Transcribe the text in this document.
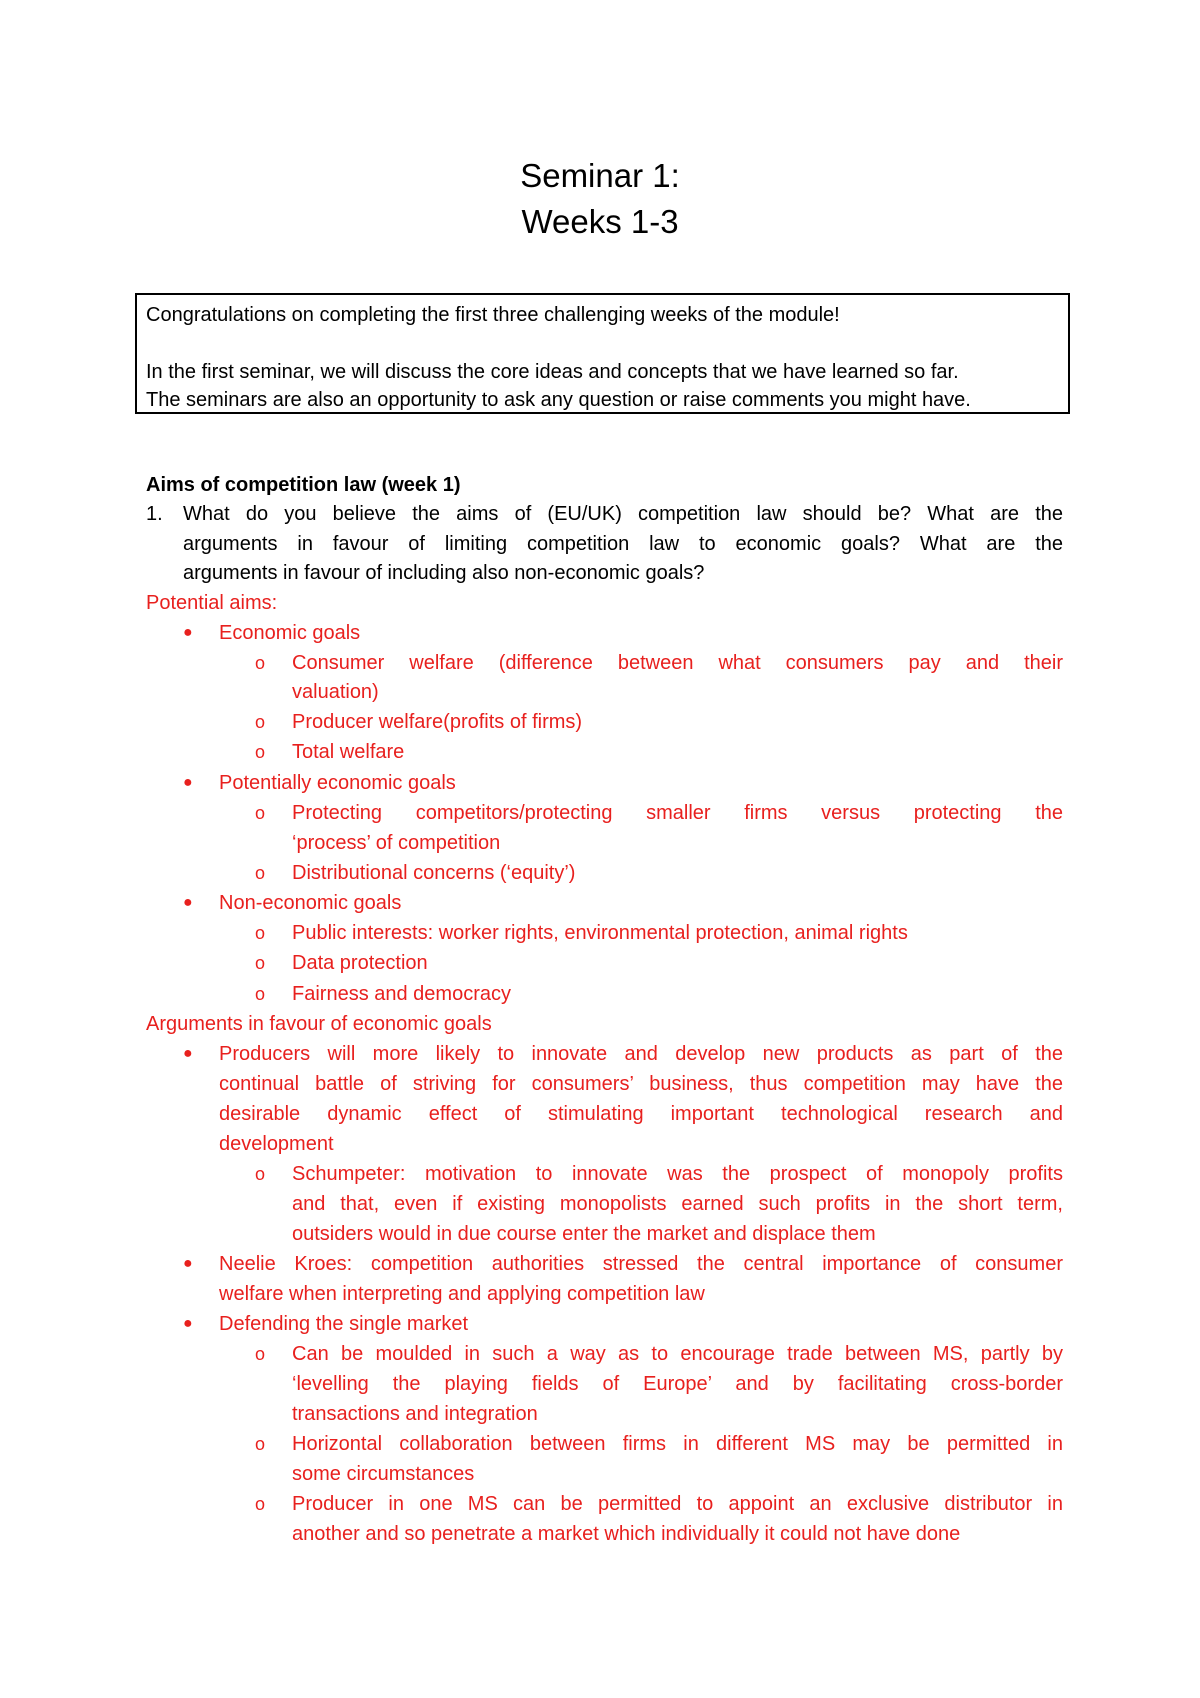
Seminar 1:
Weeks 1-3

Congratulations on completing the first three challenging weeks of the module!

In the first seminar, we will discuss the core ideas and concepts that we have learned so far.

The seminars are also an opportunity to ask any question or raise comments you might have.

Aims of competition law (week 1)
1. What do you believe the aims of (EU/UK) competition law should be? What are the
arguments in favour of limiting competition law to economic goals? What are the
arguments in favour of including also non-economic goals?
Potential aims:
● Economic goals
o Consumer welfare (difference between what consumers pay and their
valuation)
o Producer welfare(profits of firms)
o Total welfare
● Potentially economic goals
o Protecting competitors/protecting smaller firms versus protecting the
‘process’ of competition
o Distributional concerns (‘equity’)
● Non-economic goals
o Public interests: worker rights, environmental protection, animal rights
o Data protection
o Fairness and democracy
Arguments in favour of economic goals
● Producers will more likely to innovate and develop new products as part of the
continual battle of striving for consumers’ business, thus competition may have the
desirable dynamic effect of stimulating important technological research and
development
o Schumpeter: motivation to innovate was the prospect of monopoly profits
and that, even if existing monopolists earned such profits in the short term,
outsiders would in due course enter the market and displace them
● Neelie Kroes: competition authorities stressed the central importance of consumer
welfare when interpreting and applying competition law
● Defending the single market
o Can be moulded in such a way as to encourage trade between MS, partly by
‘levelling the playing fields of Europe’ and by facilitating cross-border
transactions and integration
o Horizontal collaboration between firms in different MS may be permitted in
some circumstances
o Producer in one MS can be permitted to appoint an exclusive distributor in
another and so penetrate a market which individually it could not have done
